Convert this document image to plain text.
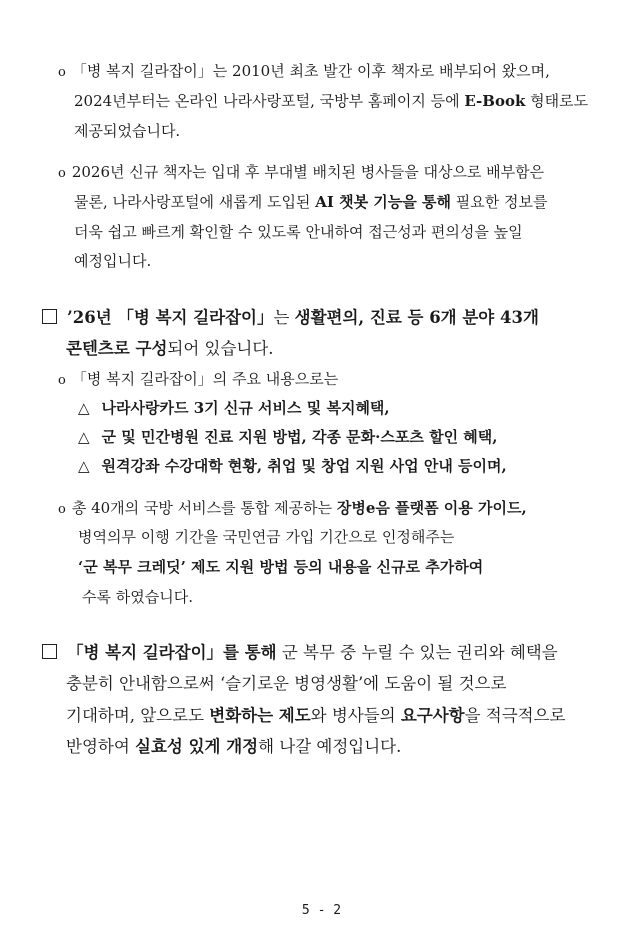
o 「병 복지 길라잡이」는 2010년 최초 발간 이후 책자로 배부되어 왔으며,
2024년부터는 온라인 나라사랑포털, 국방부 홈페이지 등에 E-Book 형태로도
제공되었습니다.
o 2026년 신규 책자는 입대 후 부대별 배치된 병사들을 대상으로 배부함은
물론, 나라사랑포털에 새롭게 도입된 AI 챗봇 기능을 통해 필요한 정보를
더욱 쉽고 빠르게 확인할 수 있도록 안내하여 접근성과 편의성을 높일
예정입니다.
’26년 「병 복지 길라잡이」는 생활편의, 진료 등 6개 분야 43개
콘텐츠로 구성되어 있습니다.
o 「병 복지 길라잡이」의 주요 내용으로는
△ 나라사랑카드 3기 신규 서비스 및 복지혜택,
△ 군 및 민간병원 진료 지원 방법, 각종 문화·스포츠 할인 혜택,
△ 원격강좌 수강대학 현황, 취업 및 창업 지원 사업 안내 등이며,
o 총 40개의 국방 서비스를 통합 제공하는 장병e음 플랫폼 이용 가이드,
병역의무 이행 기간을 국민연금 가입 기간으로 인정해주는
‘군 복무 크레딧’ 제도 지원 방법 등의 내용을 신규로 추가하여
수록 하였습니다.
「병 복지 길라잡이」를 통해 군 복무 중 누릴 수 있는 권리와 혜택을
충분히 안내함으로써 ‘슬기로운 병영생활’에 도움이 될 것으로
기대하며, 앞으로도 변화하는 제도와 병사들의 요구사항을 적극적으로
반영하여 실효성 있게 개정해 나갈 예정입니다.
5 - 2
